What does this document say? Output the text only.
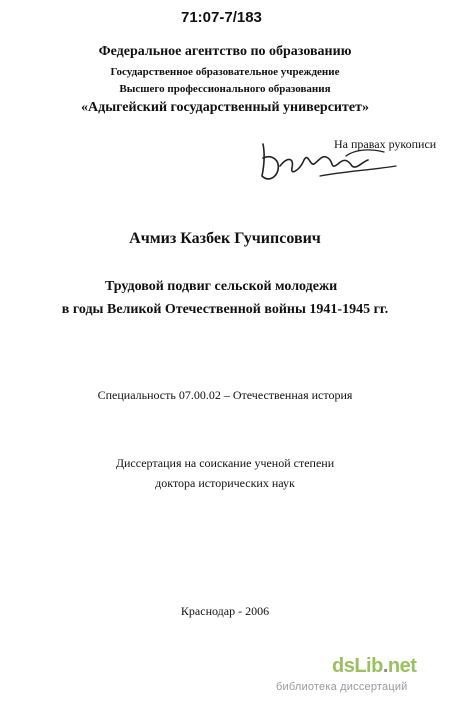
71:07-7/183
Федеральное агентство по образованию
Государственное образовательное учреждение
Высшего профессионального образования
«Адыгейский государственный университет»
На правах рукописи
Ачмиз Казбек Гучипсович
Трудовой подвиг сельской молодежи
в годы Великой Отечественной войны 1941-1945 гг.
Специальность 07.00.02 – Отечественная история
Диссертация на соискание ученой степени
доктора исторических наук
Краснодар - 2006
dsLib.net
библиотека диссертаций
